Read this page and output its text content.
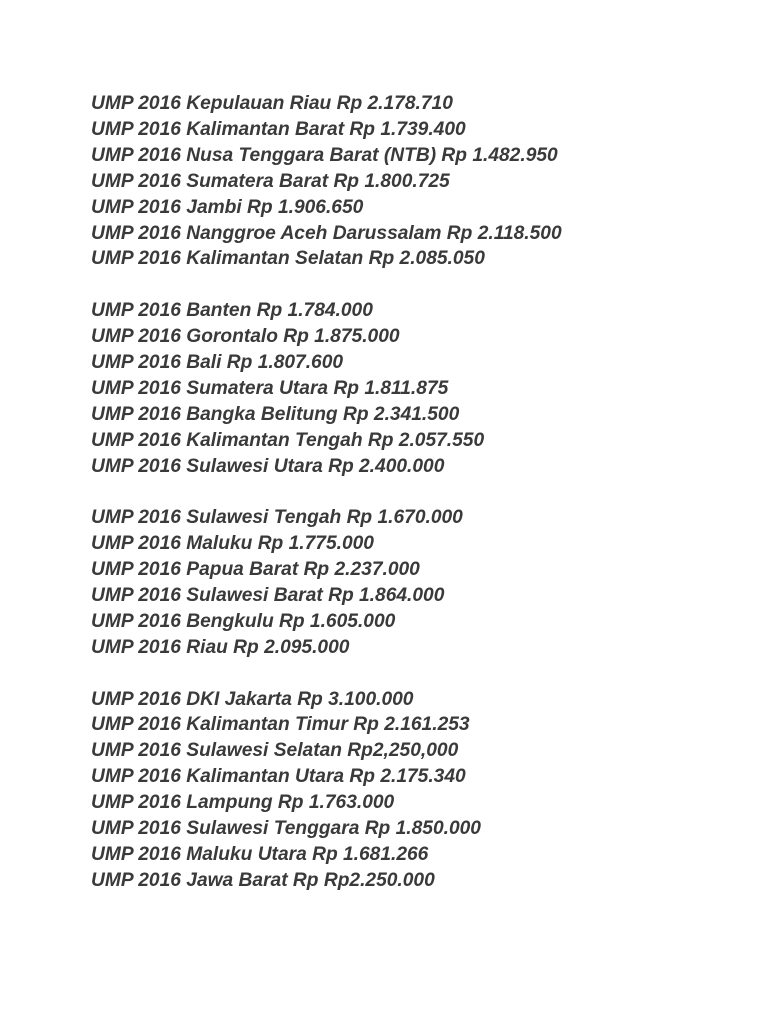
UMP 2016 Kepulauan Riau Rp 2.178.710
UMP 2016 Kalimantan Barat Rp 1.739.400
UMP 2016 Nusa Tenggara Barat (NTB) Rp 1.482.950
UMP 2016 Sumatera Barat Rp 1.800.725
UMP 2016 Jambi Rp 1.906.650
UMP 2016 Nanggroe Aceh Darussalam Rp 2.118.500
UMP 2016 Kalimantan Selatan Rp 2.085.050
UMP 2016 Banten Rp 1.784.000
UMP 2016 Gorontalo Rp 1.875.000
UMP 2016 Bali Rp 1.807.600
UMP 2016 Sumatera Utara Rp 1.811.875
UMP 2016 Bangka Belitung Rp 2.341.500
UMP 2016 Kalimantan Tengah Rp 2.057.550
UMP 2016 Sulawesi Utara Rp 2.400.000
UMP 2016 Sulawesi Tengah Rp 1.670.000
UMP 2016 Maluku Rp 1.775.000
UMP 2016 Papua Barat Rp 2.237.000
UMP 2016 Sulawesi Barat Rp 1.864.000
UMP 2016 Bengkulu Rp 1.605.000
UMP 2016 Riau Rp 2.095.000
UMP 2016 DKI Jakarta Rp 3.100.000
UMP 2016 Kalimantan Timur Rp 2.161.253
UMP 2016 Sulawesi Selatan Rp2,250,000
UMP 2016 Kalimantan Utara Rp 2.175.340
UMP 2016 Lampung Rp 1.763.000
UMP 2016 Sulawesi Tenggara Rp 1.850.000
UMP 2016 Maluku Utara Rp 1.681.266
UMP 2016 Jawa Barat Rp Rp2.250.000
